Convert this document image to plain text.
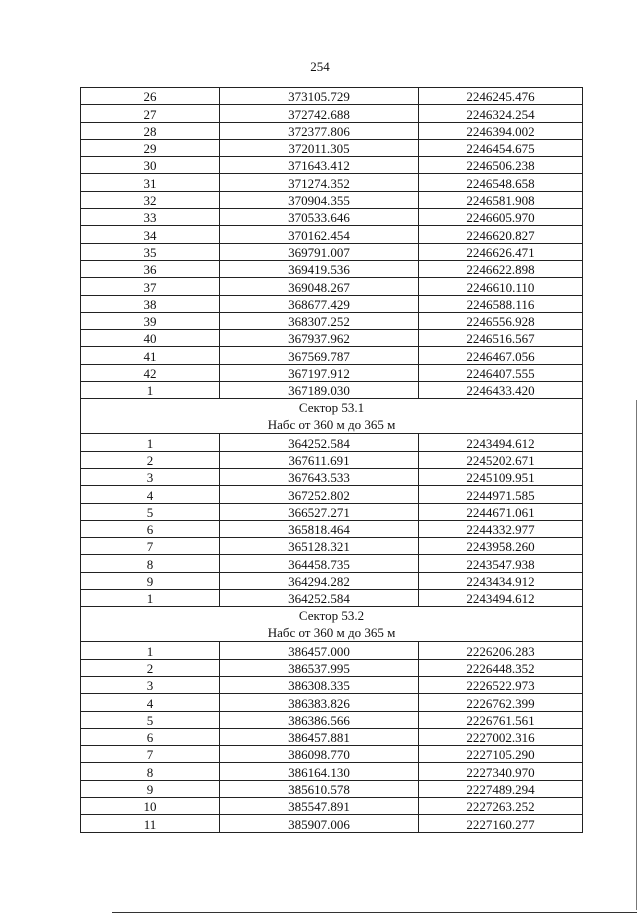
254
26	373105.729	2246245.476
27	372742.688	2246324.254
28	372377.806	2246394.002
29	372011.305	2246454.675
30	371643.412	2246506.238
31	371274.352	2246548.658
32	370904.355	2246581.908
33	370533.646	2246605.970
34	370162.454	2246620.827
35	369791.007	2246626.471
36	369419.536	2246622.898
37	369048.267	2246610.110
38	368677.429	2246588.116
39	368307.252	2246556.928
40	367937.962	2246516.567
41	367569.787	2246467.056
42	367197.912	2246407.555
1	367189.030	2246433.420

Сектор 53.1
Набс от 360 м до 365 м		

1	364252.584	2243494.612
2	367611.691	2245202.671
3	367643.533	2245109.951
4	367252.802	2244971.585
5	366527.271	2244671.061
6	365818.464	2244332.977
7	365128.321	2243958.260
8	364458.735	2243547.938
9	364294.282	2243434.912
1	364252.584	2243494.612

Сектор 53.2
Набс от 360 м до 365 м		

1	386457.000	2226206.283
2	386537.995	2226448.352
3	386308.335	2226522.973
4	386383.826	2226762.399
5	386386.566	2226761.561
6	386457.881	2227002.316
7	386098.770	2227105.290
8	386164.130	2227340.970
9	385610.578	2227489.294
10	385547.891	2227263.252
11	385907.006	2227160.277
